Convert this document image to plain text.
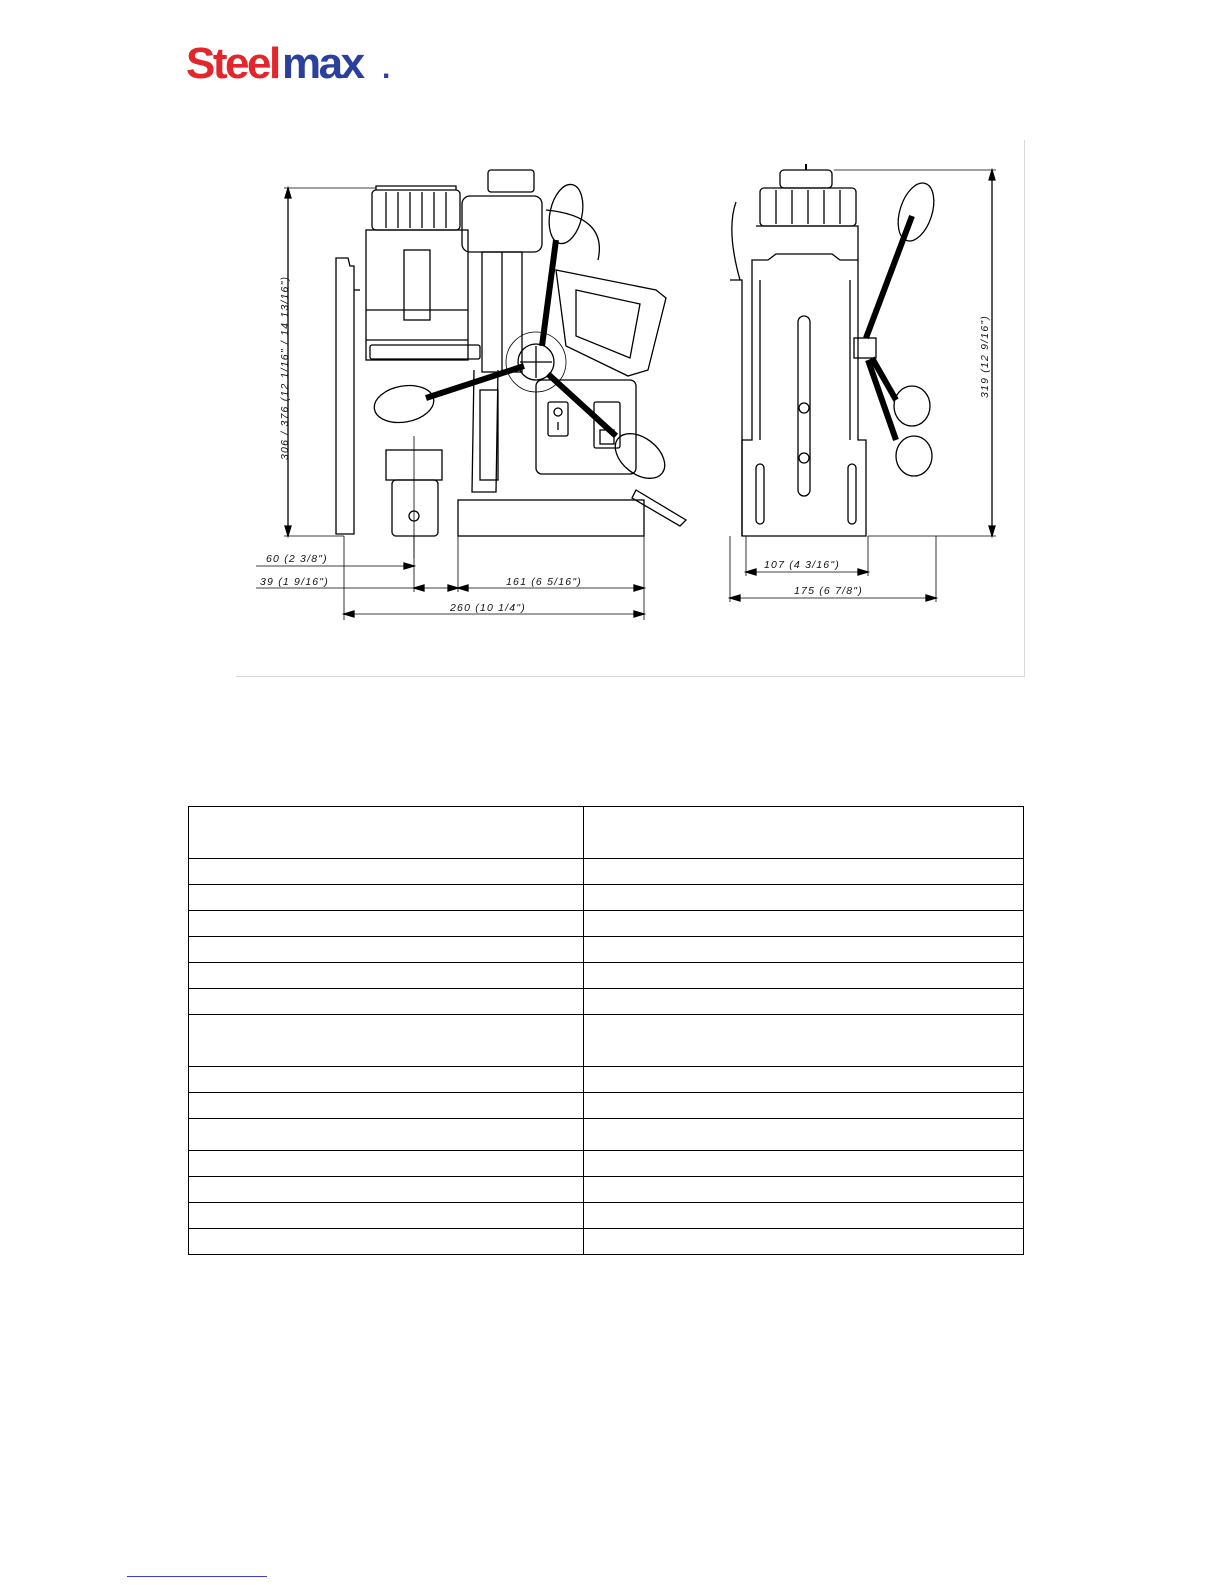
Steel max .
306 / 376 (12 1/16" / 14 13/16")
60 (2 3/8")
39 (1 9/16")	161 (6 5/16")
260 (10 1/4")
319 (12 9/16")
107 (4 3/16")
175 (6 7/8")
